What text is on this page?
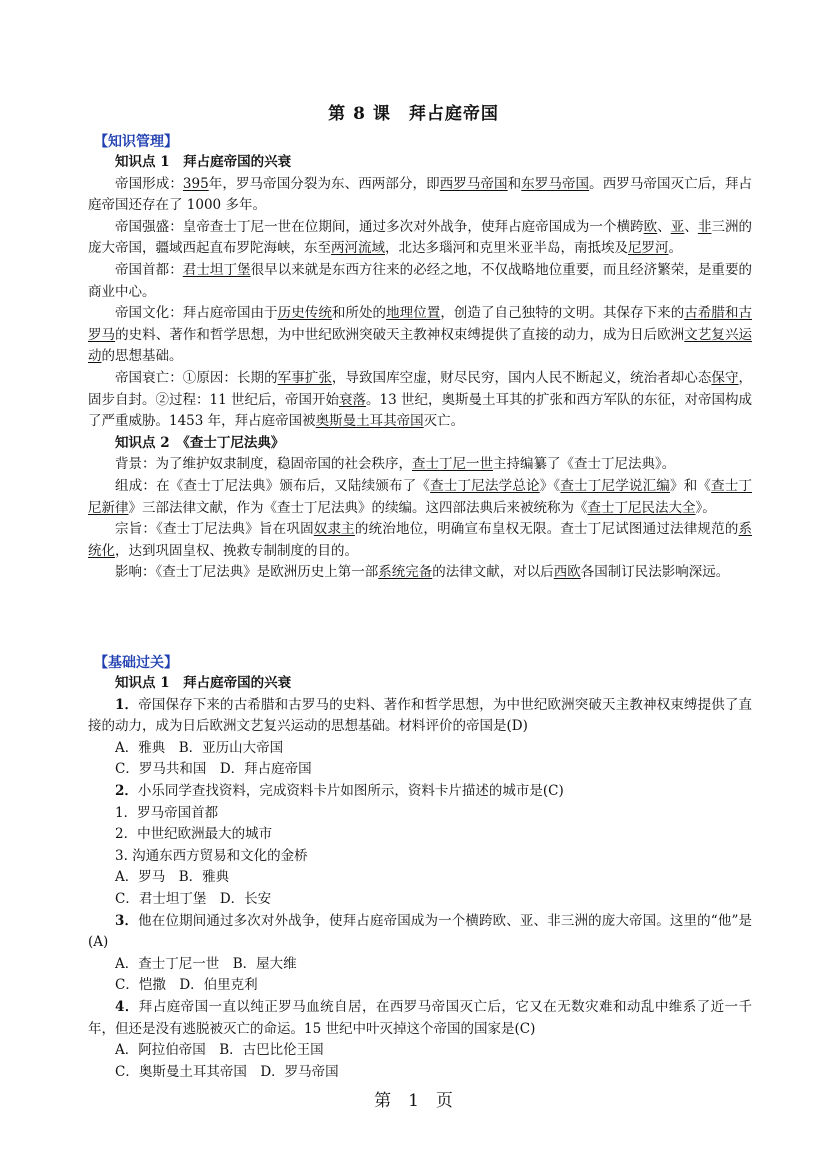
第 8 课　拜占庭帝国
【知识管理】

知识点 1　拜占庭帝国的兴衰

帝国形成：395年，罗马帝国分裂为东、西两部分，即西罗马帝国和东罗马帝国。西罗马帝国灭亡后，拜占庭帝国还存在了 1000 多年。

帝国强盛：皇帝查士丁尼一世在位期间，通过多次对外战争，使拜占庭帝国成为一个横跨欧、亚、非三洲的庞大帝国，疆域西起直布罗陀海峡，东至两河流域，北达多瑙河和克里米亚半岛，南抵埃及尼罗河。

帝国首都：君士坦丁堡很早以来就是东西方往来的必经之地，不仅战略地位重要，而且经济繁荣，是重要的商业中心。

帝国文化：拜占庭帝国由于历史传统和所处的地理位置，创造了自己独特的文明。其保存下来的古希腊和古罗马的史料、著作和哲学思想，为中世纪欧洲突破天主教神权束缚提供了直接的动力，成为日后欧洲文艺复兴运动的思想基础。

帝国衰亡：①原因：长期的军事扩张，导致国库空虚，财尽民穷，国内人民不断起义，统治者却心态保守，固步自封。②过程：11 世纪后，帝国开始衰落。13 世纪，奥斯曼土耳其的扩张和西方军队的东征，对帝国构成了严重威胁。1453 年，拜占庭帝国被奥斯曼土耳其帝国灭亡。

知识点 2　《查士丁尼法典》

背景：为了维护奴隶制度，稳固帝国的社会秩序，查士丁尼一世主持编纂了《查士丁尼法典》。

组成：在《查士丁尼法典》颁布后，又陆续颁布了《查士丁尼法学总论》《查士丁尼学说汇编》和《查士丁尼新律》三部法律文献，作为《查士丁尼法典》的续编。这四部法典后来被统称为《查士丁尼民法大全》。

宗旨：《查士丁尼法典》旨在巩固奴隶主的统治地位，明确宣布皇权无限。查士丁尼试图通过法律规范的系统化，达到巩固皇权、挽救专制制度的目的。

影响：《查士丁尼法典》是欧洲历史上第一部系统完备的法律文献，对以后西欧各国制订民法影响深远。

【基础过关】

知识点 1　拜占庭帝国的兴衰

1．帝国保存下来的古希腊和古罗马的史料、著作和哲学思想，为中世纪欧洲突破天主教神权束缚提供了直接的动力，成为日后欧洲文艺复兴运动的思想基础。材料评价的帝国是(D)

A．雅典　B．亚历山大帝国

C．罗马共和国　D．拜占庭帝国

2．小乐同学查找资料，完成资料卡片如图所示，资料卡片描述的城市是(C)

1．罗马帝国首都

2．中世纪欧洲最大的城市

3. 沟通东西方贸易和文化的金桥

A．罗马　B．雅典

C．君士坦丁堡　D．长安

3．他在位期间通过多次对外战争，使拜占庭帝国成为一个横跨欧、亚、非三洲的庞大帝国。这里的“他”是(A)

A．查士丁尼一世　B．屋大维

C．恺撒　D．伯里克利

4．拜占庭帝国一直以纯正罗马血统自居，在西罗马帝国灭亡后，它又在无数灾难和动乱中维系了近一千年，但还是没有逃脱被灭亡的命运。15 世纪中叶灭掉这个帝国的国家是(C)

A．阿拉伯帝国　B．古巴比伦王国

C．奥斯曼土耳其帝国　D．罗马帝国

第　1　页
